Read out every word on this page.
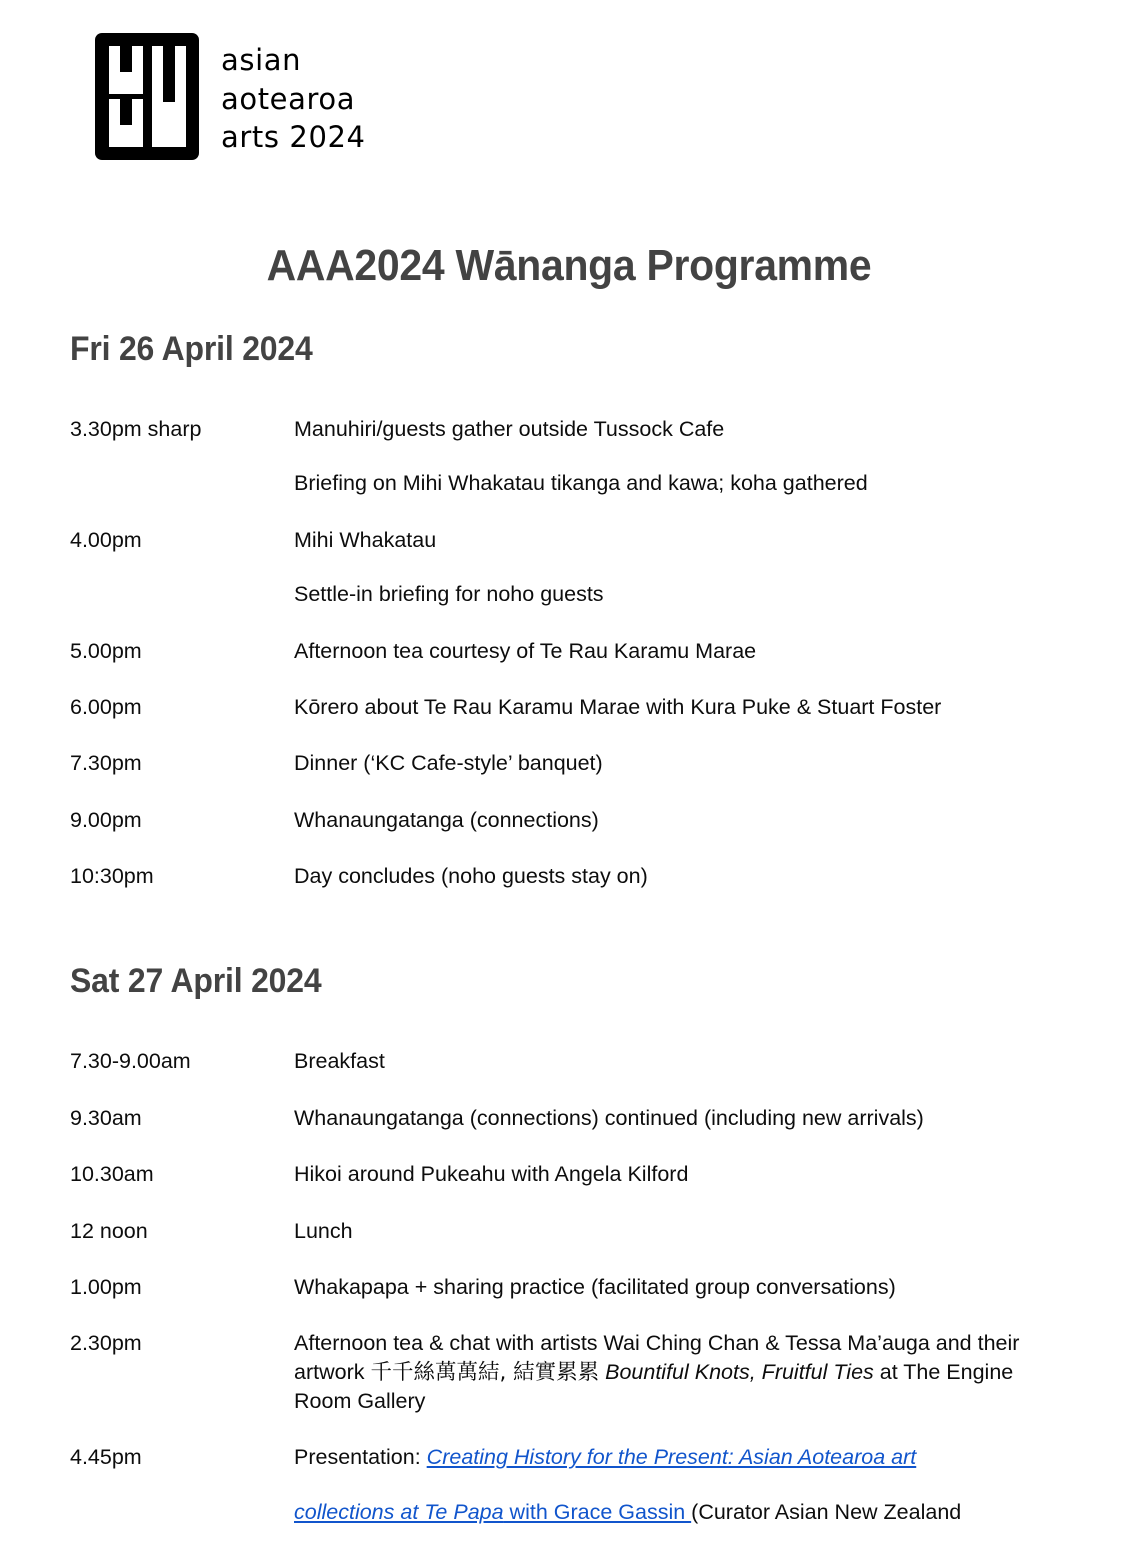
asian
aotearoa
arts 2024
AAA2024 Wānanga Programme
Fri 26 April 2024
3.30pm sharp	Manuhiri/guests gather outside Tussock Cafe
Briefing on Mihi Whakatau tikanga and kawa; koha gathered
4.00pm	Mihi Whakatau
Settle-in briefing for noho guests
5.00pm	Afternoon tea courtesy of Te Rau Karamu Marae
6.00pm	Kōrero about Te Rau Karamu Marae with Kura Puke & Stuart Foster
7.30pm	Dinner (‘KC Cafe-style’ banquet)
9.00pm	Whanaungatanga (connections)
10:30pm	Day concludes (noho guests stay on)
Sat 27 April 2024
7.30-9.00am	Breakfast
9.30am	Whanaungatanga (connections) continued (including new arrivals)
10.30am	Hikoi around Pukeahu with Angela Kilford
12 noon	Lunch
1.00pm	Whakapapa + sharing practice (facilitated group conversations)
2.30pm	Afternoon tea & chat with artists Wai Ching Chan & Tessa Ma’auga and their artwork 千千絲萬萬結, 結實累累 Bountiful Knots, Fruitful Ties at The Engine Room Gallery
4.45pm	Presentation: Creating History for the Present: Asian Aotearoa art
collections at Te Papa with Grace Gassin (Curator Asian New Zealand
